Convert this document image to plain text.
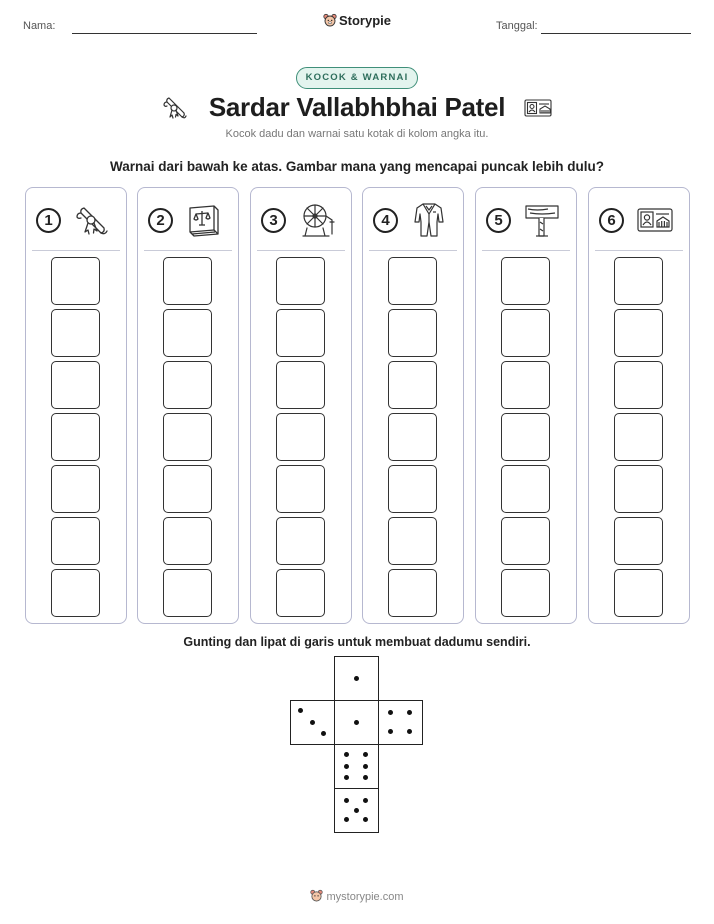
Nama:	Storypie	Tanggal:
KOCOK & WARNAI
Sardar Vallabhbhai Patel
Kocok dadu dan warnai satu kotak di kolom angka itu.
Warnai dari bawah ke atas. Gambar mana yang mencapai puncak lebih dulu?
1	2	3	4	5	6
Gunting dan lipat di garis untuk membuat dadumu sendiri.
mystorypie.com
